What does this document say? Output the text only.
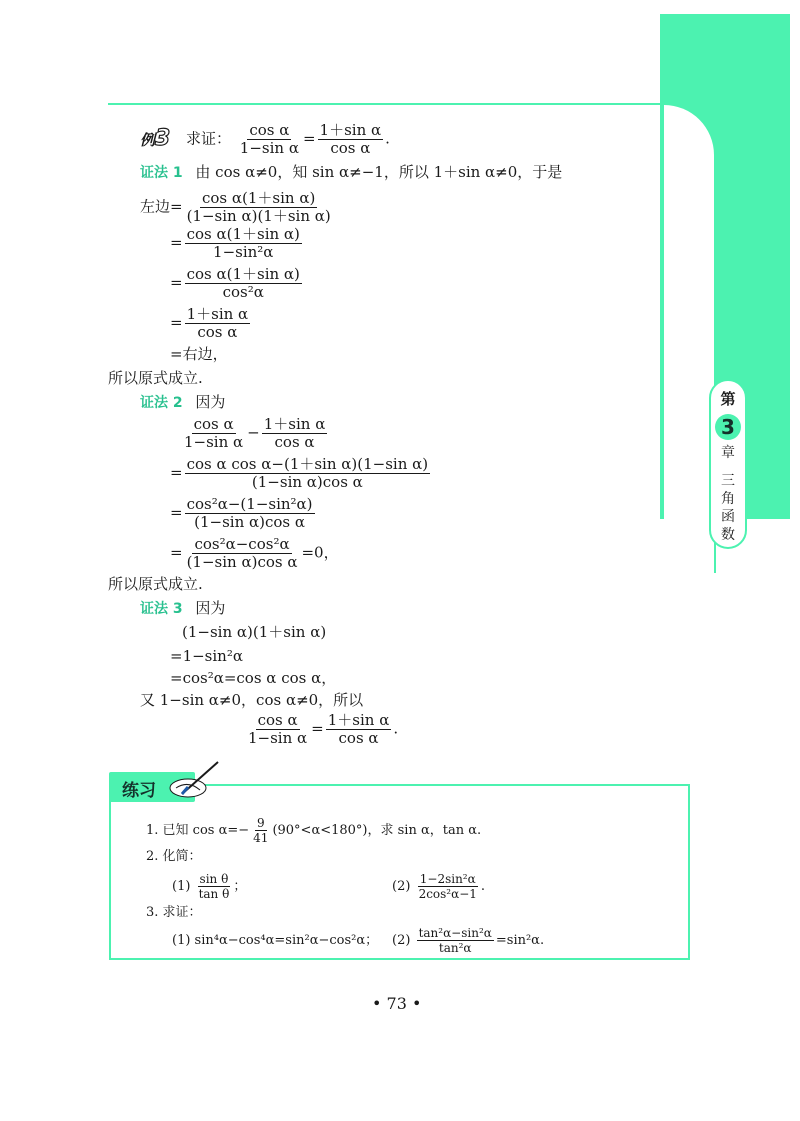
第
3
章
三
角
函
数
例3 求证： $\frac{\text{cos α}}{\text{1−sin α}} = \frac{\text{1＋sin α}}{\text{cos α}}$ .
证法 1 由 cos α≠0，知 sin α≠−1，所以 1＋sin α≠0，于是
左边= $\frac{\text{cos α(1＋sin α)}}{\text{(1−sin α)(1＋sin α)}}$
= $\frac{\text{cos α(1＋sin α)}}{\text{1−sin²α}}$
= $\frac{\text{cos α(1＋sin α)}}{\text{cos²α}}$
= $\frac{\text{1＋sin α}}{\text{cos α}}$
=右边，
所以原式成立.
证法 2 因为
$\frac{\text{cos α}}{\text{1−sin α}} - \frac{\text{1＋sin α}}{\text{cos α}}$
= $\frac{\text{cos α cos α−(1＋sin α)(1−sin α)}}{\text{(1−sin α)cos α}}$
= $\frac{\text{cos²α−(1−sin²α)}}{\text{(1−sin α)cos α}}$
= $\frac{\text{cos²α−cos²α}}{\text{(1−sin α)cos α}} =0$，
所以原式成立.
证法 3 因为
(1−sin α)(1＋sin α)
=1−sin²α
=cos²α=cos α cos α，
又 1−sin α≠0，cos α≠0，所以
$\frac{\text{cos α}}{\text{1−sin α}} = \frac{\text{1＋sin α}}{\text{cos α}}$ .
练习
1. 已知 $\cos \alpha=- \frac{9}{41} (90^\circ<\alpha<180^\circ)$，求 sin α，tan α.
2. 化简：
$(1) \frac{\text{sin θ}}{\text{tan θ}}$ ；	$(2) \frac{\text{1−2sin²α}}{\text{2cos²α−1}}$ .
3. 求证：
(1) sin⁴α−cos⁴α=sin²α−cos²α； $(2) \frac{\text{tan²α−sin²α}}{\text{tan²α}} =\sin^2\alpha$.
• 73 •
